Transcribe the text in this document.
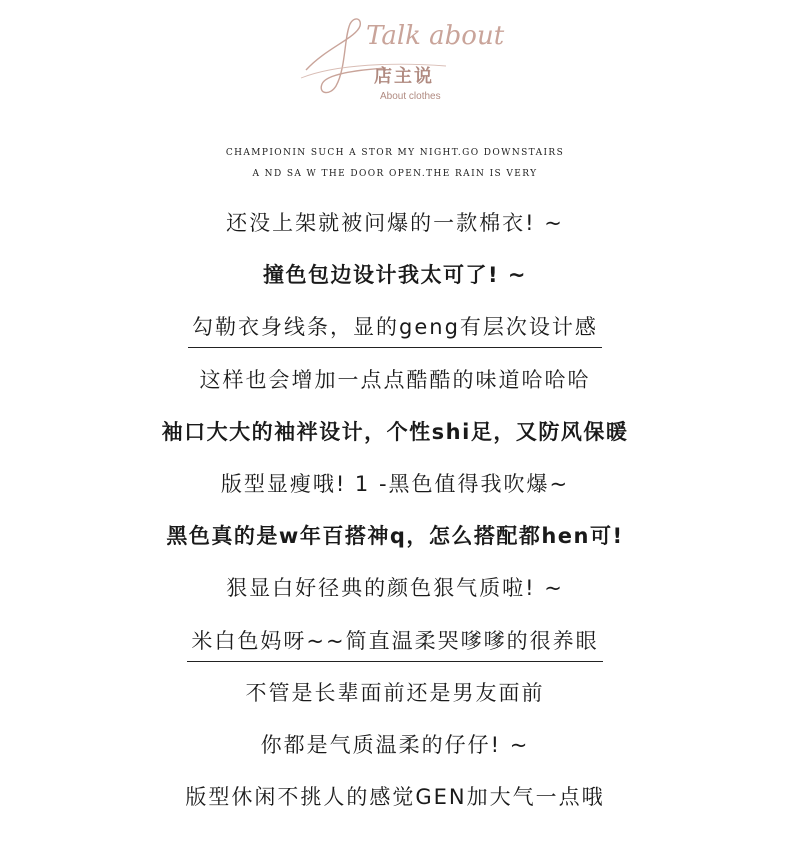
Talk about
店主说
About clothes
CHAMPIONIN SUCH A STOR MY NIGHT.GO DOWNSTAIRS
A ND SA W THE DOOR OPEN.THE RAIN IS VERY
还没上架就被问爆的一款棉衣! ~
撞色包边设计我太可了! ~
勾勒衣身线条，显的geng有层次设计感
这样也会增加一点点酷酷的味道哈哈哈
袖口大大的袖袢设计，个性shi足，又防风保暖
版型显瘦哦! 1 -黑色值得我吹爆~
黑色真的是w年百搭神q，怎么搭配都hen可!
狠显白好径典的颜色狠气质啦! ~
米白色妈呀~~简直温柔哭嗲嗲的很养眼
不管是长辈面前还是男友面前
你都是气质温柔的仔仔! ~
版型休闲不挑人的感觉GEN加大气一点哦
